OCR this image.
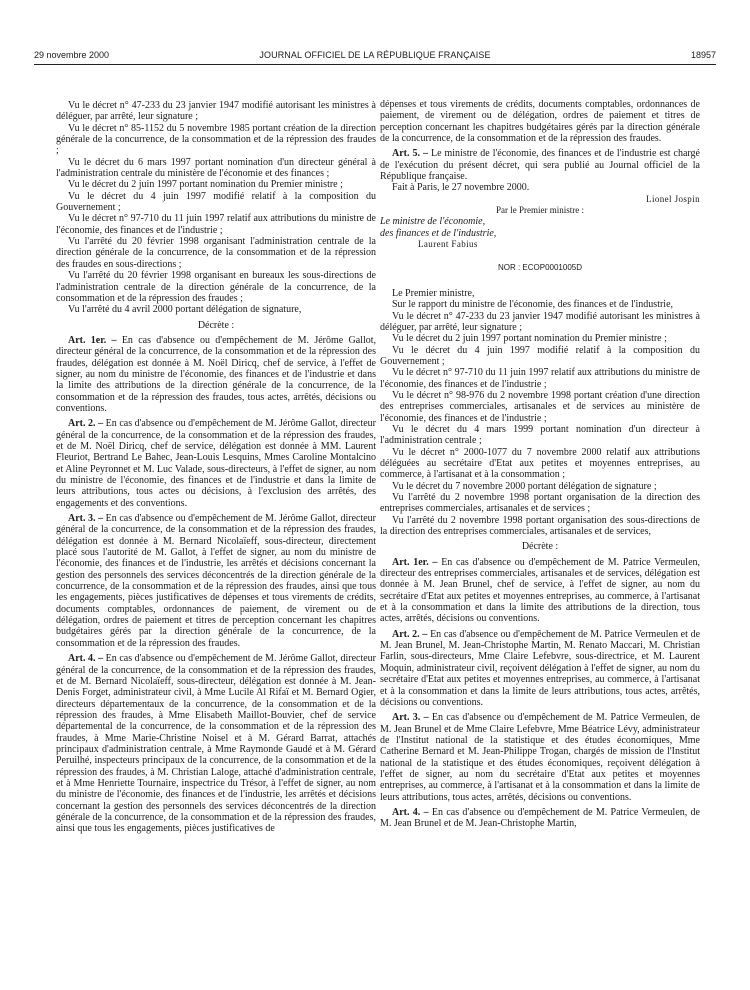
29 novembre 2000	JOURNAL OFFICIEL DE LA RÉPUBLIQUE FRANÇAISE	18957

Vu le décret n° 47-233 du 23 janvier 1947 modifié autorisant les ministres à déléguer, par arrêté, leur signature ;

Vu le décret n° 85-1152 du 5 novembre 1985 portant création de la direction générale de la concurrence, de la consommation et de la répression des fraudes ;

Vu le décret du 6 mars 1997 portant nomination d'un directeur général à l'administration centrale du ministère de l'économie et des finances ;

Vu le décret du 2 juin 1997 portant nomination du Premier ministre ;

Vu le décret du 4 juin 1997 modifié relatif à la composition du Gouvernement ;

Vu le décret n° 97-710 du 11 juin 1997 relatif aux attributions du ministre de l'économie, des finances et de l'industrie ;

Vu l'arrêté du 20 février 1998 organisant l'administration centrale de la direction générale de la concurrence, de la consommation et de la répression des fraudes en sous-directions ;

Vu l'arrêté du 20 février 1998 organisant en bureaux les sous-directions de l'administration centrale de la direction générale de la concurrence, de la consommation et de la répression des fraudes ;

Vu l'arrêté du 4 avril 2000 portant délégation de signature,

Décrète :

Art. 1er. – En cas d'absence ou d'empêchement de M. Jérôme Gallot, directeur général de la concurrence, de la consommation et de la répression des fraudes, délégation est donnée à M. Noël Diricq, chef de service, à l'effet de signer, au nom du ministre de l'économie, des finances et de l'industrie et dans la limite des attributions de la direction générale de la concurrence, de la consommation et de la répression des fraudes, tous actes, arrêtés, décisions ou conventions.

Art. 2. – En cas d'absence ou d'empêchement de M. Jérôme Gallot, directeur général de la concurrence, de la consommation et de la répression des fraudes, et de M. Noël Diricq, chef de service, délégation est donnée à MM. Laurent Fleuriot, Bertrand Le Bahec, Jean-Louis Lesquins, Mmes Caroline Montalcino et Aline Peyronnet et M. Luc Valade, sous-directeurs, à l'effet de signer, au nom du ministre de l'économie, des finances et de l'industrie et dans la limite de leurs attributions, tous actes ou décisions, à l'exclusion des arrêtés, des engagements et des conventions.

Art. 3. – En cas d'absence ou d'empêchement de M. Jérôme Gallot, directeur général de la concurrence, de la consommation et de la répression des fraudes, délégation est donnée à M. Bernard Nicolaïeff, sous-directeur, directement placé sous l'autorité de M. Gallot, à l'effet de signer, au nom du ministre de l'économie, des finances et de l'industrie, les arrêtés et décisions concernant la gestion des personnels des services déconcentrés de la direction générale de la concurrence, de la consommation et de la répression des fraudes, ainsi que tous les engagements, pièces justificatives de dépenses et tous virements de crédits, documents comptables, ordonnances de paiement, de virement ou de délégation, ordres de paiement et titres de perception concernant les chapitres budgétaires gérés par la direction générale de la concurrence, de la consommation et de la répression des fraudes.

Art. 4. – En cas d'absence ou d'empêchement de M. Jérôme Gallot, directeur général de la concurrence, de la consommation et de la répression des fraudes, et de M. Bernard Nicolaïeff, sous-directeur, délégation est donnée à M. Jean-Denis Forget, administrateur civil, à Mme Lucile Al Rifaï et M. Bernard Ogier, directeurs départementaux de la concurrence, de la consommation et de la répression des fraudes, à Mme Elisabeth Maillot-Bouvier, chef de service départemental de la concurrence, de la consommation et de la répression des fraudes, à Mme Marie-Christine Noisel et à M. Gérard Barrat, attachés principaux d'administration centrale, à Mme Raymonde Gaudé et à M. Gérard Peruilhé, inspecteurs principaux de la concurrence, de la consommation et de la répression des fraudes, à M. Christian Laloge, attaché d'administration centrale, et à Mme Henriette Tournaire, inspectrice du Trésor, à l'effet de signer, au nom du ministre de l'économie, des finances et de l'industrie, les arrêtés et décisions concernant la gestion des personnels des services déconcentrés de la direction générale de la concurrence, de la consommation et de la répression des fraudes, ainsi que tous les engagements, pièces justificatives de

dépenses et tous virements de crédits, documents comptables, ordonnances de paiement, de virement ou de délégation, ordres de paiement et titres de perception concernant les chapitres budgétaires gérés par la direction générale de la concurrence, de la consommation et de la répression des fraudes.

Art. 5. – Le ministre de l'économie, des finances et de l'industrie est chargé de l'exécution du présent décret, qui sera publié au Journal officiel de la République française.

Fait à Paris, le 27 novembre 2000.

Lionel Jospin

Par le Premier ministre :

Le ministre de l'économie,

des finances et de l'industrie,

Laurent Fabius

NOR : ECOP0001005D

Le Premier ministre,

Sur le rapport du ministre de l'économie, des finances et de l'industrie,

Vu le décret n° 47-233 du 23 janvier 1947 modifié autorisant les ministres à déléguer, par arrêté, leur signature ;

Vu le décret du 2 juin 1997 portant nomination du Premier ministre ;

Vu le décret du 4 juin 1997 modifié relatif à la composition du Gouvernement ;

Vu le décret n° 97-710 du 11 juin 1997 relatif aux attributions du ministre de l'économie, des finances et de l'industrie ;

Vu le décret n° 98-976 du 2 novembre 1998 portant création d'une direction des entreprises commerciales, artisanales et de services au ministère de l'économie, des finances et de l'industrie ;

Vu le décret du 4 mars 1999 portant nomination d'un directeur à l'administration centrale ;

Vu le décret n° 2000-1077 du 7 novembre 2000 relatif aux attributions déléguées au secrétaire d'Etat aux petites et moyennes entreprises, au commerce, à l'artisanat et à la consommation ;

Vu le décret du 7 novembre 2000 portant délégation de signature ;

Vu l'arrêté du 2 novembre 1998 portant organisation de la direction des entreprises commerciales, artisanales et de services ;

Vu l'arrêté du 2 novembre 1998 portant organisation des sous-directions de la direction des entreprises commerciales, artisanales et de services,

Décrète :

Art. 1er. – En cas d'absence ou d'empêchement de M. Patrice Vermeulen, directeur des entreprises commerciales, artisanales et de services, délégation est donnée à M. Jean Brunel, chef de service, à l'effet de signer, au nom du secrétaire d'Etat aux petites et moyennes entreprises, au commerce, à l'artisanat et à la consommation et dans la limite des attributions de la direction, tous actes, arrêtés, décisions ou conventions.

Art. 2. – En cas d'absence ou d'empêchement de M. Patrice Vermeulen et de M. Jean Brunel, M. Jean-Christophe Martin, M. Renato Maccari, M. Christian Farlin, sous-directeurs, Mme Claire Lefebvre, sous-directrice, et M. Laurent Moquin, administrateur civil, reçoivent délégation à l'effet de signer, au nom du secrétaire d'Etat aux petites et moyennes entreprises, au commerce, à l'artisanat et à la consommation et dans la limite de leurs attributions, tous actes, arrêtés, décisions ou conventions.

Art. 3. – En cas d'absence ou d'empêchement de M. Patrice Vermeulen, de M. Jean Brunel et de Mme Claire Lefebvre, Mme Béatrice Lévy, administrateur de l'Institut national de la statistique et des études économiques, Mme Catherine Bernard et M. Jean-Philippe Trogan, chargés de mission de l'Institut national de la statistique et des études économiques, reçoivent délégation à l'effet de signer, au nom du secrétaire d'Etat aux petites et moyennes entreprises, au commerce, à l'artisanat et à la consommation et dans la limite de leurs attributions, tous actes, arrêtés, décisions ou conventions.

Art. 4. – En cas d'absence ou d'empêchement de M. Patrice Vermeulen, de M. Jean Brunel et de M. Jean-Christophe Martin,
